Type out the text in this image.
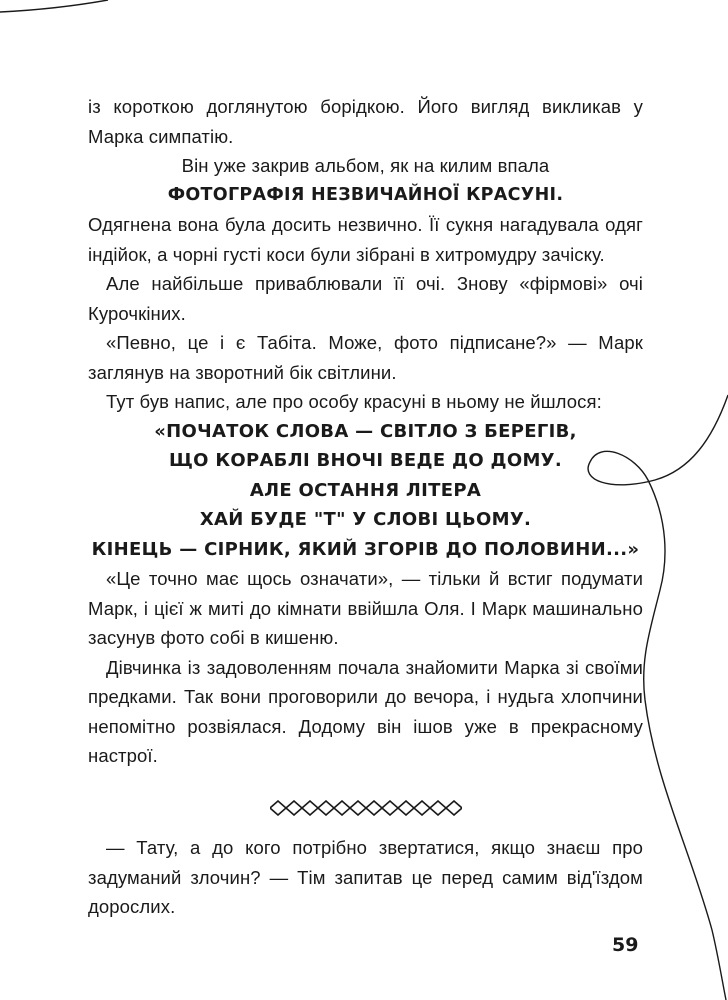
із короткою доглянутою борідкою. Його вигляд викликав у Марка симпатію.

Він уже закрив альбом, як на килим впала

ФОТОГРАФІЯ НЕЗВИЧАЙНОЇ КРАСУНІ.

Одягнена вона була досить незвично. Її сукня нагадувала одяг індійок, а чорні густі коси були зібрані в хитромудру зачіску.

Але найбільше приваблювали її очі. Знову «фірмові» очі Курочкіних.

«Певно, це і є Табіта. Може, фото підписане?» — Марк заглянув на зворотний бік світлини.

Тут був напис, але про особу красуні в ньому не йшлося:

«ПОЧАТОК СЛОВА — СВІТЛО З БЕРЕГІВ,

ЩО КОРАБЛІ ВНОЧІ ВЕДЕ ДО ДОМУ.

АЛЕ ОСТАННЯ ЛІТЕРА

ХАЙ БУДЕ "Т" У СЛОВІ ЦЬОМУ.

КІНЕЦЬ — СІРНИК, ЯКИЙ ЗГОРІВ ДО ПОЛОВИНИ...»

«Це точно має щось означати», — тільки й встиг подумати Марк, і цієї ж миті до кімнати ввійшла Оля. І Марк машинально засунув фото собі в кишеню.

Дівчинка із задоволенням почала знайомити Марка зі своїми предками. Так вони проговорили до вечора, і нудьга хлопчини непомітно розвіялася. Додому він ішов уже в прекрасному настрої.

— Тату, а до кого потрібно звертатися, якщо знаєш про задуманий злочин? — Тім запитав це перед самим від'їздом дорослих.

59
